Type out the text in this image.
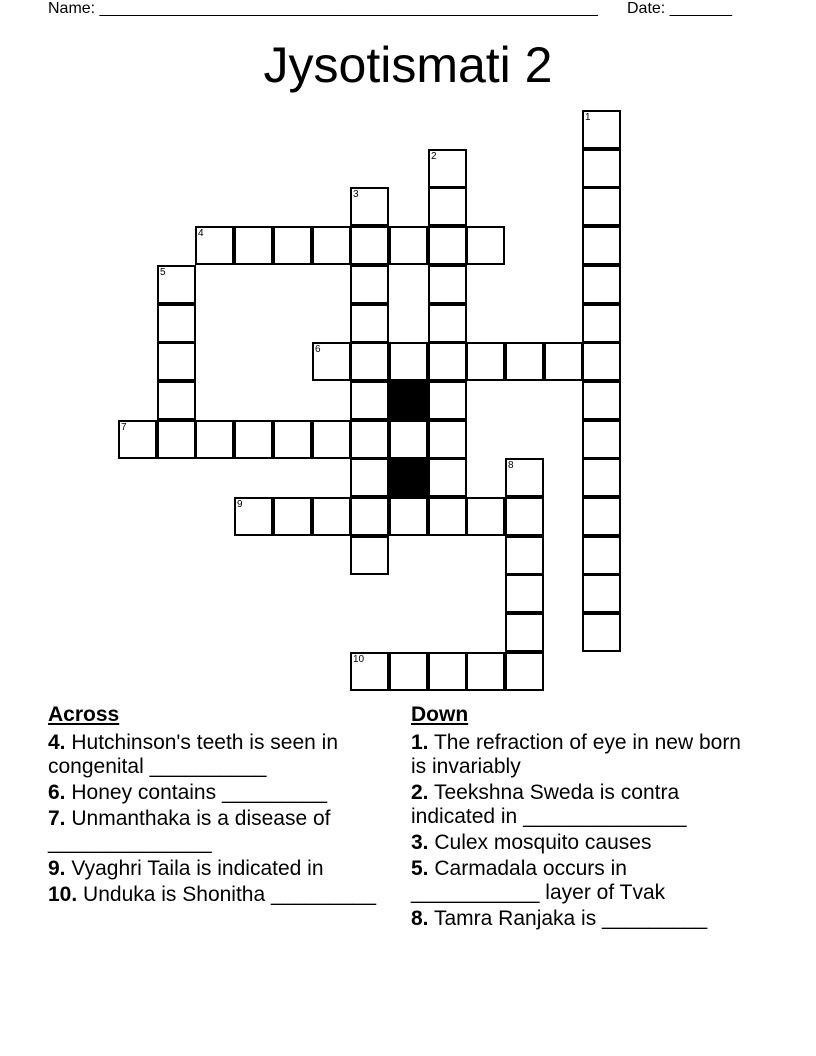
Name: ________________________________________________________ Date: _______
Jysotismati 2
1
2
3
4
5
6
7
8
9
10
Across
4. Hutchinson's teeth is seen in congenital __________
6. Honey contains _________
7. Unmanthaka is a disease of ______________
9. Vyaghri Taila is indicated in
10. Unduka is Shonitha _________
Down
1. The refraction of eye in new born is invariably
2. Teekshna Sweda is contra indicated in ______________
3. Culex mosquito causes
5. Carmadala occurs in ___________ layer of Tvak
8. Tamra Ranjaka is _________
